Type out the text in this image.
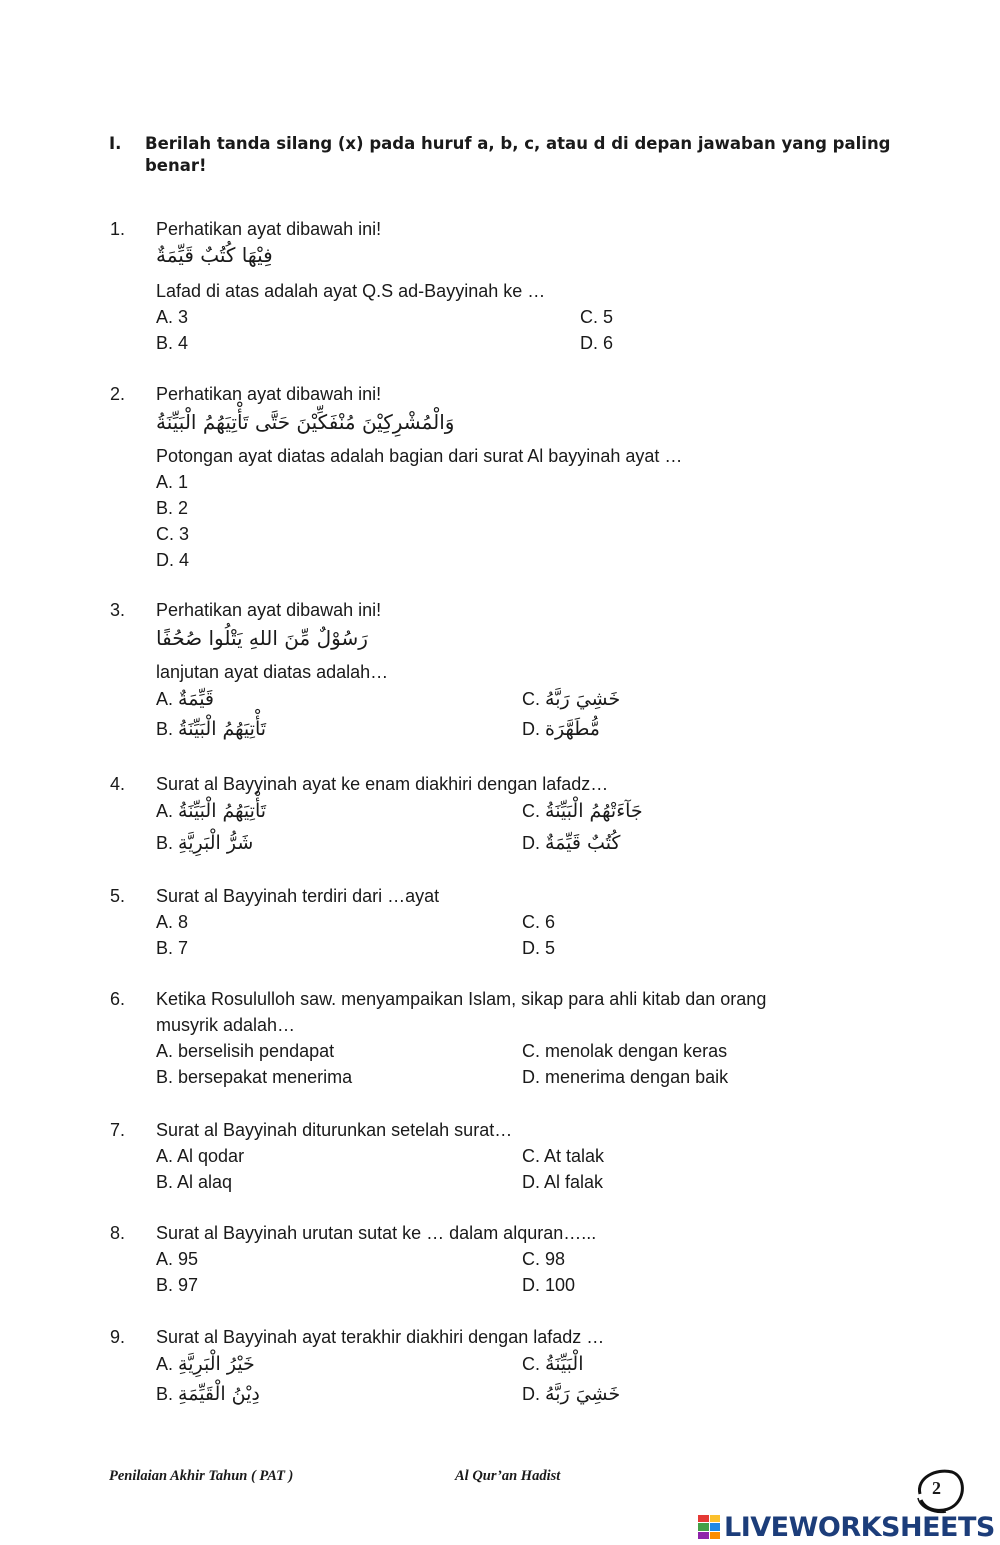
I. Berilah tanda silang (x) pada huruf a, b, c, atau d di depan jawaban yang paling benar!
1. Perhatikan ayat dibawah ini!
فِيْهَا كُتُبٌ قَيِّمَةٌ
Lafad di atas adalah ayat Q.S ad-Bayyinah ke …
A. 3
B. 4
C. 5
D. 6
2. Perhatikan ayat dibawah ini!
وَالْمُشْرِكِيْنَ مُنْفَكِّيْنَ حَتَّى تَأْتِيَهُمُ الْبَيِّنَةُ
Potongan ayat diatas adalah bagian dari surat Al bayyinah ayat …
A. 1
B. 2
C. 3
D. 4
3. Perhatikan ayat dibawah ini!
رَسُوْلٌ مِّنَ اللهِ يَتْلُوا صُحُفًا
lanjutan ayat diatas adalah…
A. قَيِّمَةٌ
B. تَأْتِيَهُمُ الْبَيِّنَةُ
C. خَشِيَ رَبَّهُ
D. مُّطَهَّرَة
4. Surat al Bayyinah ayat ke enam diakhiri dengan lafadz…
A. تَأْتِيَهُمُ الْبَيِّنَةُ
B. شَرُّ الْبَرِيَّةِ
C. جَآءَتْهُمُ الْبَيِّنَةُ
D. كُتُبٌ قَيِّمَةٌ
5. Surat al Bayyinah terdiri dari …ayat
A. 8
B. 7
C. 6
D. 5
6. Ketika Rosululloh saw. menyampaikan Islam, sikap para ahli kitab dan orang
musyrik adalah…
A. berselisih pendapat
B. bersepakat menerima
C. menolak dengan keras
D. menerima dengan baik
7. Surat al Bayyinah diturunkan setelah surat…
A. Al qodar
B. Al alaq
C. At talak
D. Al falak
8. Surat al Bayyinah urutan sutat ke … dalam alquran…...
A. 95
B. 97
C. 98
D. 100
9. Surat al Bayyinah ayat terakhir diakhiri dengan lafadz …
A. خَيْرُ الْبَرِيَّةِ
B. دِيْنُ الْقَيِّمَةِ
C. الْبَيِّنَةُ
D. خَشِيَ رَبَّهُ
Penilaian Akhir Tahun ( PAT )	Al Qur’an Hadist
2
LIVEWORKSHEETS
